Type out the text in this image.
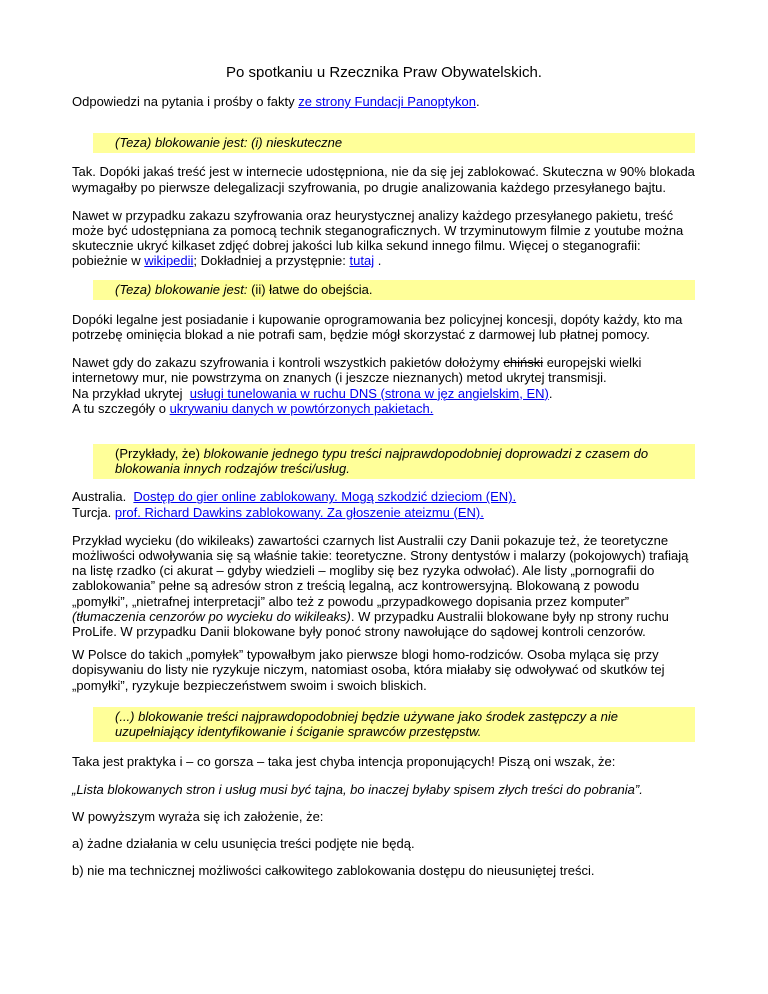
Po spotkaniu u Rzecznika Praw Obywatelskich.

Odpowiedzi na pytania i prośby o fakty ze strony Fundacji Panoptykon.

(Teza) blokowanie jest: (i) nieskuteczne

Tak. Dopóki jakaś treść jest w internecie udostępniona, nie da się jej zablokować. Skuteczna w 90% blokada wymagałby po pierwsze delegalizacji szyfrowania, po drugie analizowania każdego przesyłanego bajtu.

Nawet w przypadku zakazu szyfrowania oraz heurystycznej analizy każdego przesyłanego pakietu, treść może być udostępniana za pomocą technik steganograficznych. W trzyminutowym filmie z youtube można skutecznie ukryć kilkaset zdjęć dobrej jakości lub kilka sekund innego filmu. Więcej o steganografii: pobieżnie w wikipedii; Dokładniej a przystępnie: tutaj .

(Teza) blokowanie jest: (ii) łatwe do obejścia.

Dopóki legalne jest posiadanie i kupowanie oprogramowania bez policyjnej koncesji, dopóty każdy, kto ma potrzebę ominięcia blokad a nie potrafi sam, będzie mógł skorzystać z darmowej lub płatnej pomocy.

Nawet gdy do zakazu szyfrowania i kontroli wszystkich pakietów dołożymy chiński europejski wielki internetowy mur, nie powstrzyma on znanych (i jeszcze nieznanych) metod ukrytej transmisji.
Na przykład ukrytej  usługi tunelowania w ruchu DNS (strona w jęz angielskim, EN).
A tu szczegóły o ukrywaniu danych w powtórzonych pakietach.

(Przykłady, że) blokowanie jednego typu treści najprawdopodobniej doprowadzi z czasem do blokowania innych rodzajów treści/usług.

Australia.  Dostęp do gier online zablokowany. Mogą szkodzić dzieciom (EN).
Turcja. prof. Richard Dawkins zablokowany. Za głoszenie ateizmu (EN).

Przykład wycieku (do wikileaks) zawartości czarnych list Australii czy Danii pokazuje też, że teoretyczne możliwości odwoływania się są właśnie takie: teoretyczne. Strony dentystów i malarzy (pokojowych) trafiają na listę rzadko (ci akurat – gdyby wiedzieli – mogliby się bez ryzyka odwołać). Ale listy „pornografii do zablokowania” pełne są adresów stron z treścią legalną, acz kontrowersyjną. Blokowaną z powodu „pomyłki”, „nietrafnej interpretacji” albo też z powodu „przypadkowego dopisania przez komputer” (tłumaczenia cenzorów po wycieku do wikileaks). W przypadku Australii blokowane były np strony ruchu ProLife. W przypadku Danii blokowane były ponoć strony nawołujące do sądowej kontroli cenzorów.

W Polsce do takich „pomyłek” typowałbym jako pierwsze blogi homo-rodziców. Osoba myląca się przy dopisywaniu do listy nie ryzykuje niczym, natomiast osoba, która miałaby się odwoływać od skutków tej „pomyłki”, ryzykuje bezpieczeństwem swoim i swoich bliskich.

(...) blokowanie treści najprawdopodobniej będzie używane jako środek zastępczy a nie uzupełniający identyfikowanie i ściganie sprawców przestępstw.

Taka jest praktyka i – co gorsza – taka jest chyba intencja proponujących! Piszą oni wszak, że:

„Lista blokowanych stron i usług musi być tajna, bo inaczej byłaby spisem złych treści do pobrania”.

W powyższym wyraża się ich założenie, że:

a) żadne działania w celu usunięcia treści podjęte nie będą.

b) nie ma technicznej możliwości całkowitego zablokowania dostępu do nieusuniętej treści.
